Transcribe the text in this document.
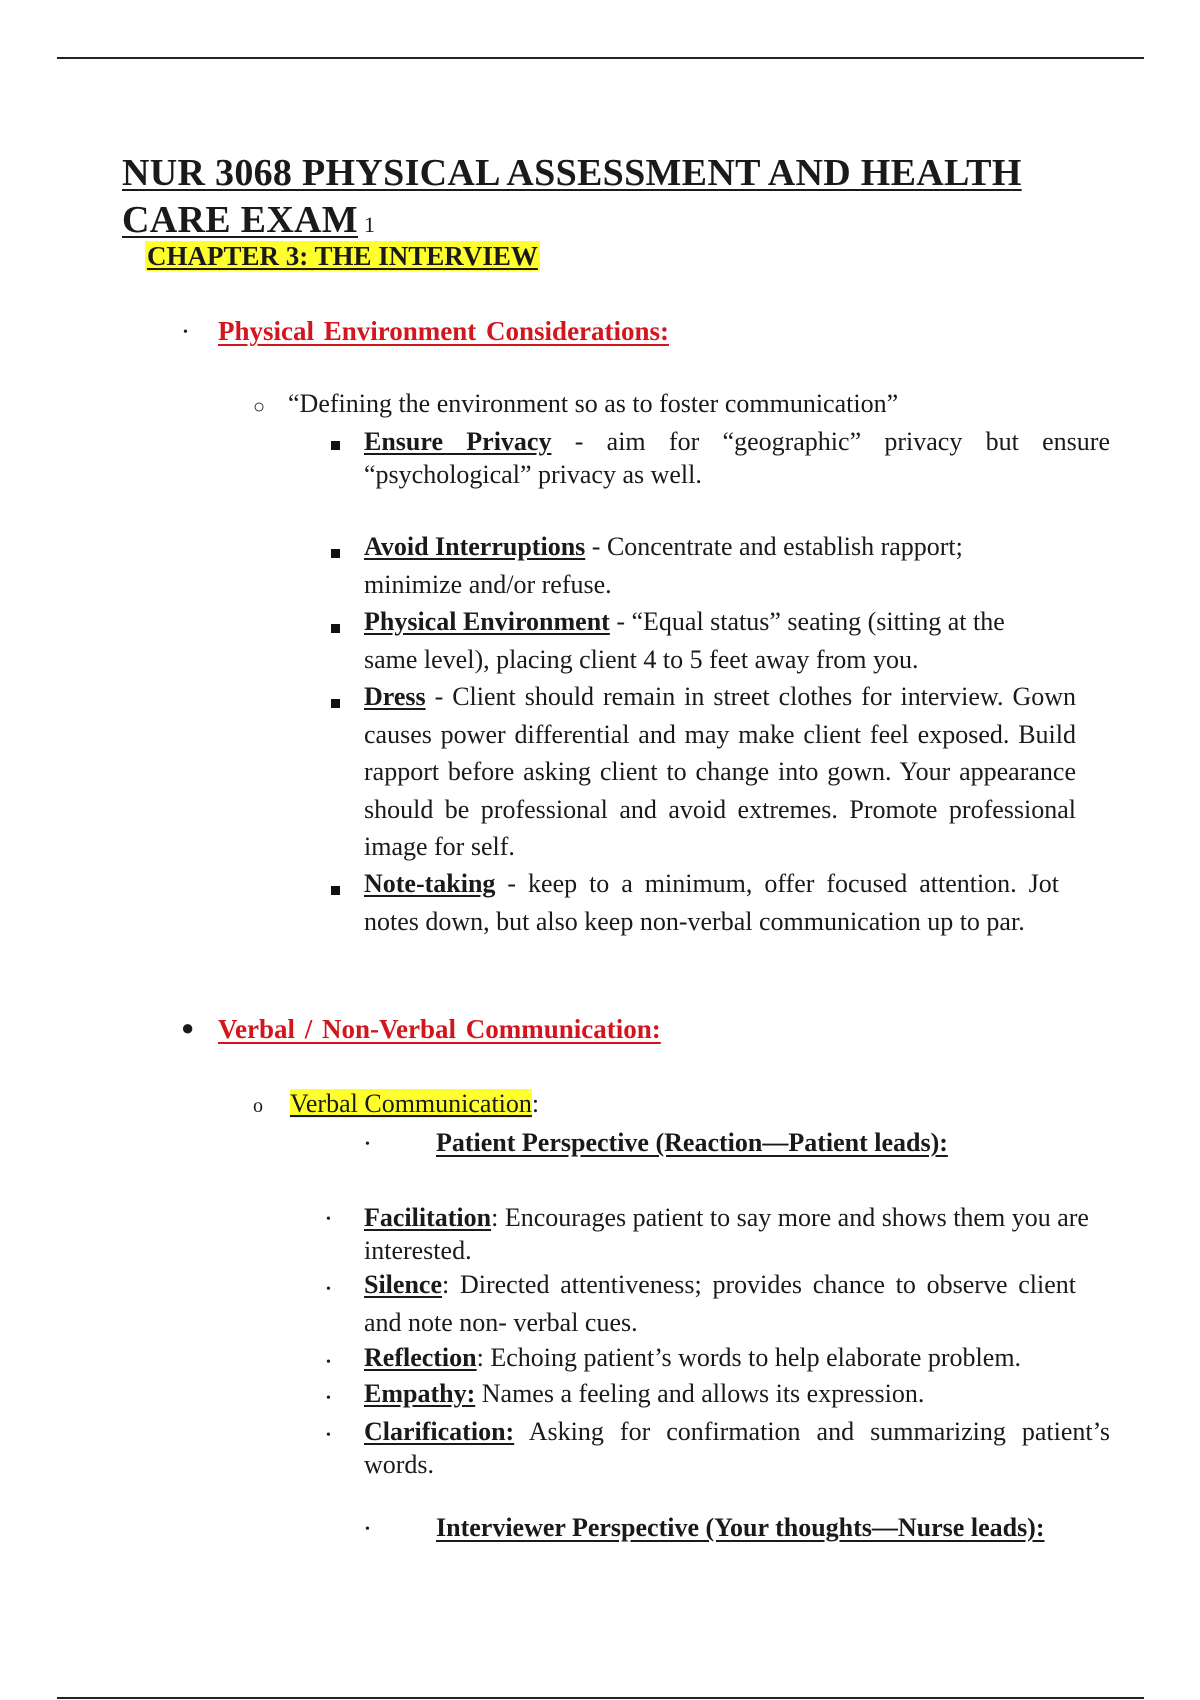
NUR 3068 PHYSICAL ASSESSMENT AND HEALTH
CARE EXAM 1
CHAPTER 3: THE INTERVIEW
• Physical Environment Considerations:
○ “Defining the environment so as to foster communication”

Ensure Privacy - aim for “geographic” privacy but ensure “psychological” privacy as well.

Avoid Interruptions - Concentrate and establish rapport; minimize and/or refuse.

Physical Environment - “Equal status” seating (sitting at the same level), placing client 4 to 5 feet away from you.

Dress - Client should remain in street clothes for interview. Gown causes power differential and may make client feel exposed. Build rapport before asking client to change into gown. Your appearance should be professional and avoid extremes. Promote professional image for self.

Note-taking - keep to a minimum, offer focused attention. Jot notes down, but also keep non-verbal communication up to par.

● Verbal / Non-Verbal Communication:
o Verbal Communication:
•	Patient Perspective (Reaction—Patient leads):
• Facilitation: Encourages patient to say more and shows them you are interested.

• Silence: Directed attentiveness; provides chance to observe client and note non- verbal cues.

• Reflection: Echoing patient’s words to help elaborate problem.

• Empathy: Names a feeling and allows its expression.

• Clarification: Asking for confirmation and summarizing patient’s words.

•	Interviewer Perspective (Your thoughts—Nurse leads):
